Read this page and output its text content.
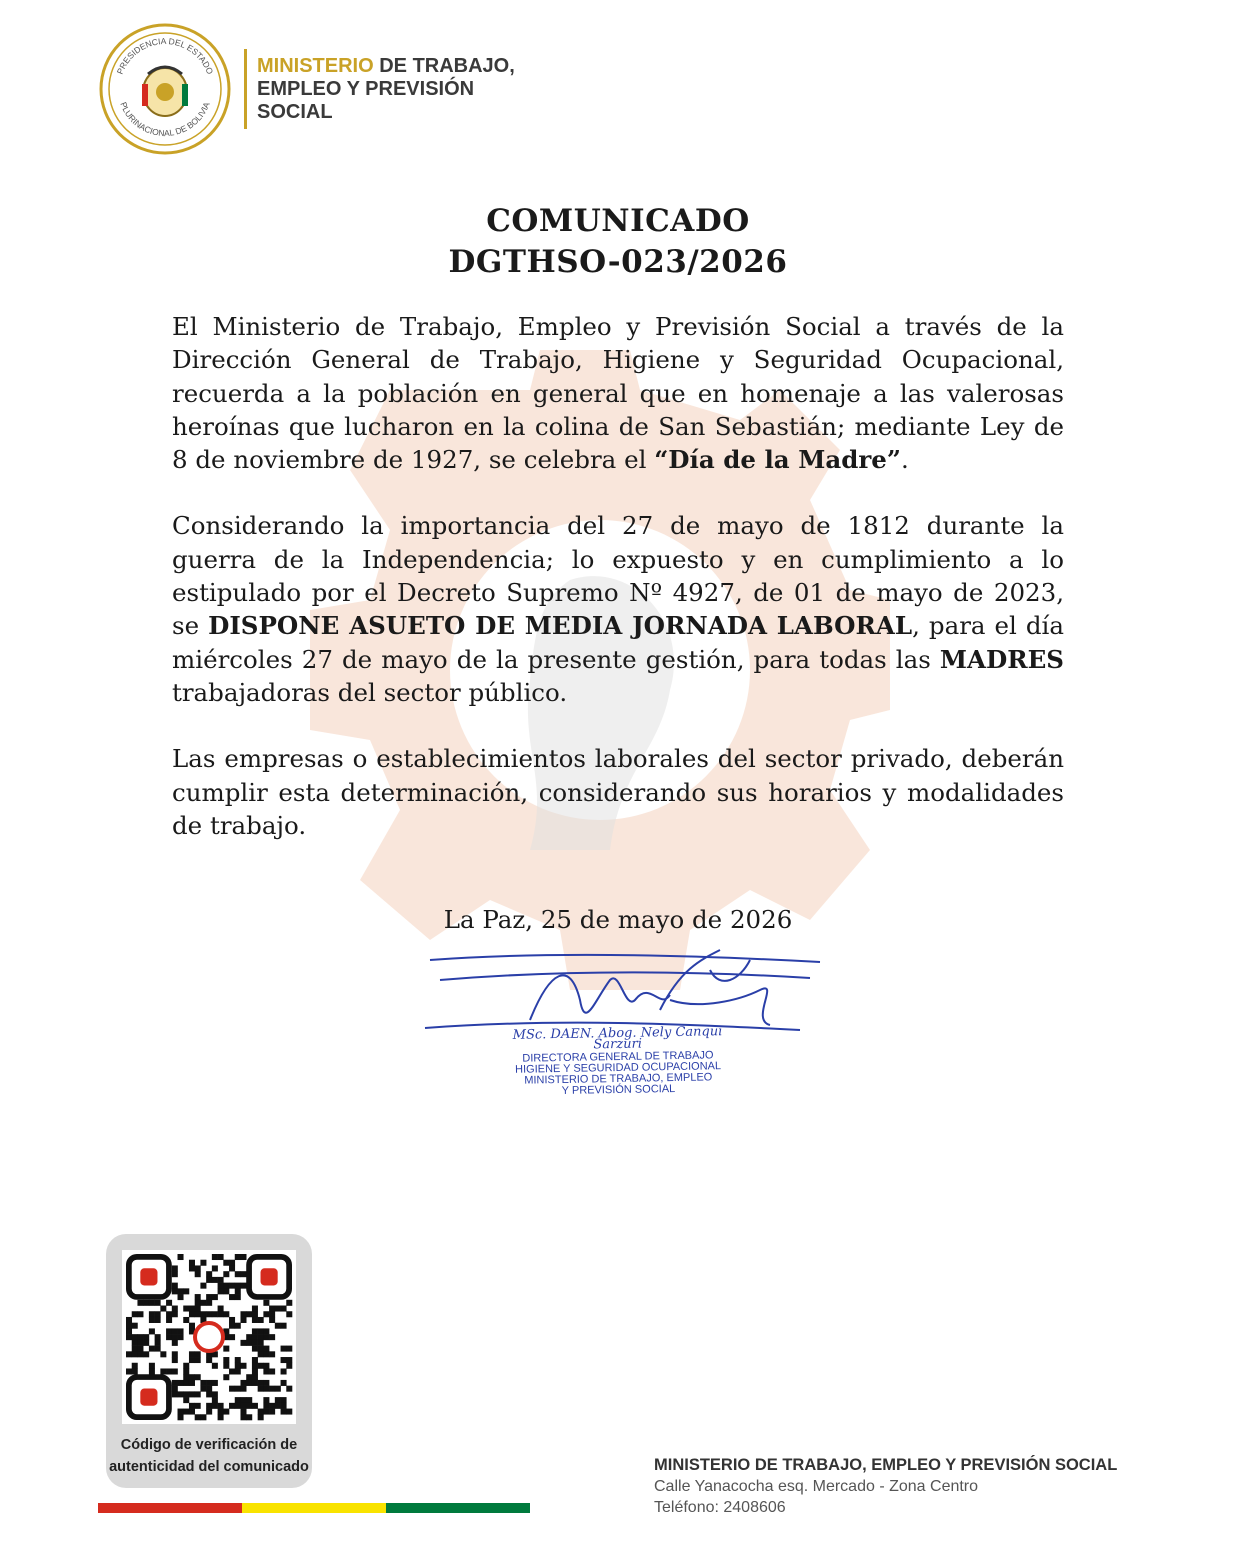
PRESIDENCIA DEL ESTADO
PLURINACIONAL DE BOLIVIA
MINISTERIO DE TRABAJO,
EMPLEO Y PREVISIÓN
SOCIAL
COMUNICADO
DGTHSO-023/2026

El Ministerio de Trabajo, Empleo y Previsión Social a través de la Dirección General de Trabajo, Higiene y Seguridad Ocupacional, recuerda a la población en general que en homenaje a las valerosas heroínas que lucharon en la colina de San Sebastián; mediante Ley de 8 de noviembre de 1927, se celebra el “Día de la Madre”.

Considerando la importancia del 27 de mayo de 1812 durante la guerra de la Independencia; lo expuesto y en cumplimiento a lo estipulado por el Decreto Supremo Nº 4927, de 01 de mayo de 2023, se DISPONE ASUETO DE MEDIA JORNADA LABORAL, para el día miércoles 27 de mayo de la presente gestión, para todas las MADRES trabajadoras del sector público.

Las empresas o establecimientos laborales del sector privado, deberán cumplir esta determinación, considerando sus horarios y modalidades de trabajo.

La Paz, 25 de mayo de 2026
MSc. DAEN. Abog. Nely Canqui Sarzuri
DIRECTORA GENERAL DE TRABAJO
HIGIENE Y SEGURIDAD OCUPACIONAL
MINISTERIO DE TRABAJO, EMPLEO
Y PREVISIÓN SOCIAL
Código de verificación de
autenticidad del comunicado	MINISTERIO DE TRABAJO, EMPLEO Y PREVISIÓN SOCIAL
Calle Yanacocha esq. Mercado - Zona Centro
Teléfono: 2408606
